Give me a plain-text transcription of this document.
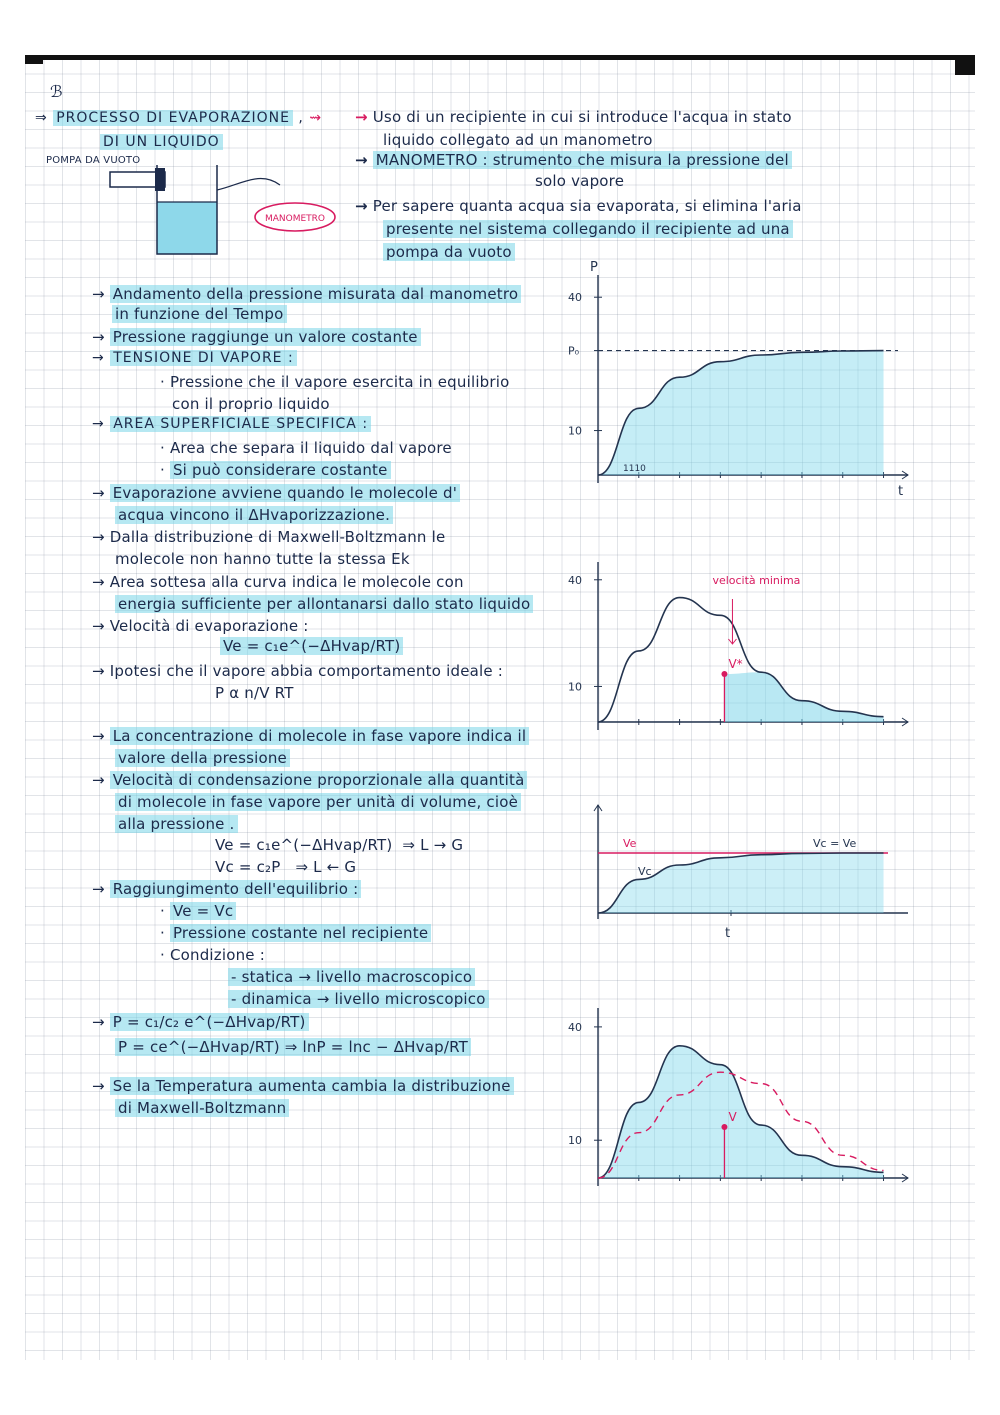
ℬ
⇒ PROCESSO DI EVAPORAZIONE , ⇝
DI UN LIQUIDO
POMPA DA VUOTO
MANOMETRO
→ Uso di un recipiente in cui si introduce l'acqua in stato
liquido collegato ad un manometro
→ MANOMETRO : strumento che misura la pressione del
solo vapore
→ Per sapere quanta acqua sia evaporata, si elimina l'aria
presente nel sistema collegando il recipiente ad una
pompa da vuoto
→ Andamento della pressione misurata dal manometro
in funzione del Tempo
→ Pressione raggiunge un valore costante
→ TENSIONE DI VAPORE :
· Pressione che il vapore esercita in equilibrio
con il proprio liquido
→ AREA SUPERFICIALE SPECIFICA :
· Area che separa il liquido dal vapore
· Si può considerare costante
→ Evaporazione avviene quando le molecole d'
acqua vincono il ΔHvaporizzazione.
→ Dalla distribuzione di Maxwell-Boltzmann le
molecole non hanno tutte la stessa Ek
→ Area sottesa alla curva indica le molecole con
energia sufficiente per allontanarsi dallo stato liquido
→ Velocità di evaporazione :
Ve = c₁e^(−ΔHvap/RT)
→ Ipotesi che il vapore abbia comportamento ideale :
P α n/V RT
→ La concentrazione di molecole in fase vapore indica il
valore della pressione
→ Velocità di condensazione proporzionale alla quantità
di molecole in fase vapore per unità di volume, cioè
alla pressione .
Ve = c₁e^(−ΔHvap/RT) ⇒ L → G
Vc = c₂P ⇒ L ← G
→ Raggiungimento dell'equilibrio :
· Ve = Vc
· Pressione costante nel recipiente
· Condizione :
- statica → livello macroscopico
- dinamica → livello microscopico
→ P = c₁/c₂ e^(−ΔHvap/RT)
P = ce^(−ΔHvap/RT) ⇒ lnP = lnc − ΔHvap/RT
→ Se la Temperatura aumenta cambia la distribuzione
di Maxwell-Boltzmann
t
P
40
P₀
10
1110
V*
velocità minima
40
10
t
Ve
Vc
Vc = Ve
V
40
10
